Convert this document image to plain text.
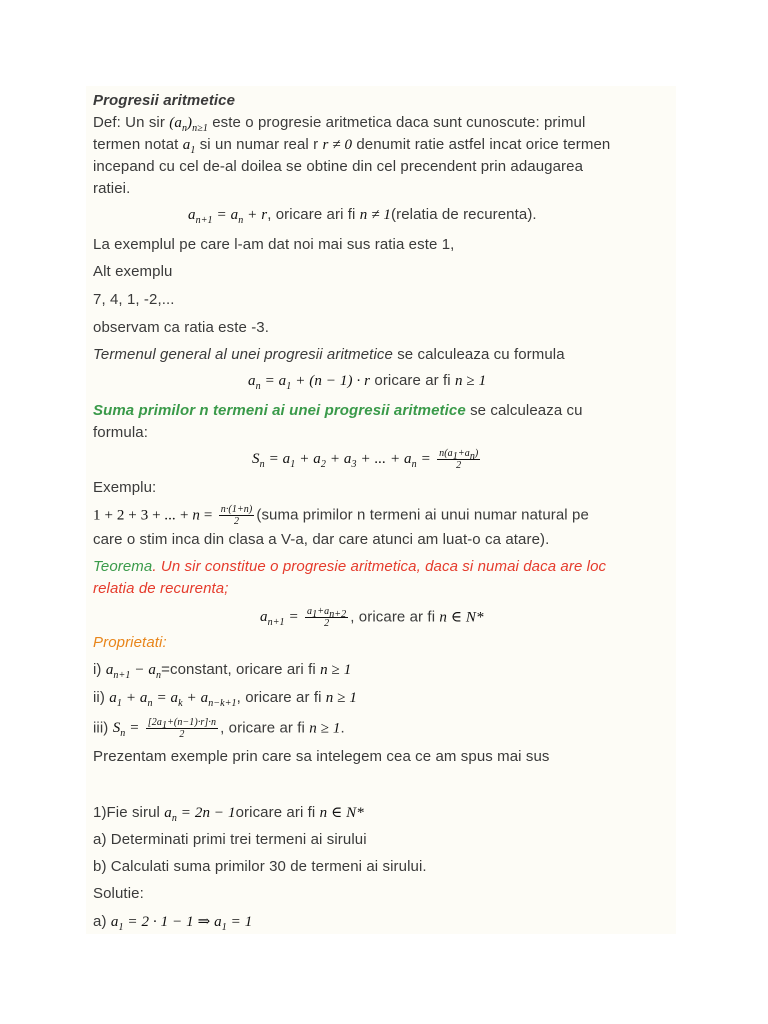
Progresii aritmetice
Def: Un sir $(a_n)_{n\ge 1}$ este o progresie aritmetica daca sunt cunoscute: primul
termen notat $a_1$ si un numar real r r ≠ 0 denumit ratie astfel incat orice termen
incepand cu cel de-al doilea se obtine din cel precendent prin adaugarea
ratiei.
$a_{n+1} = a_n + r$, oricare ari fi n ≠ 1(relatia de recurenta).
La exemplul pe care l-am dat noi mai sus ratia este 1,
Alt exemplu
7, 4, 1, -2,...
observam ca ratia este -3.
Termenul general al unei progresii aritmetice se calculeaza cu formula
$a_n = a_1 + (n - 1) \cdot r$ oricare ar fi n ≥ 1
Suma primilor n termeni ai unei progresii aritmetice se calculeaza cu
formula:
$S_n = a_1 + a_2 + a_3$ + ... + $a_n = \frac{n(a_1+a_n)}{2}$
Exemplu:
1 + 2 + 3 + ... + $n = \frac{n\cdot(1+n)}{2}$ (suma primilor n termeni ai unui numar natural pe
care o stim inca din clasa a V-a, dar care atunci am luat-o ca atare).
Teorema. Un sir constitue o progresie aritmetica, daca si numai daca are loc
relatia de recurenta;
$a_{n+1} = \frac{a_1+a_{n+2}}{2}$ , oricare ar fi n ∈ N*
Proprietati:
i) $a_{n+1}$ − $a_n=constant$, oricare ari fi n ≥ 1
ii) $a_1 + a_n = a_k + a_{n-k+1}$, oricare ar fi n ≥ 1
iii) $S_n = \frac{[2a_1+(n-1)\cdot r]\cdot n}{2}$ , oricare ar fi n ≥ 1.
Prezentam exemple prin care sa intelegem cea ce am spus mai sus
1)Fie sirul $a_n = 2n$ − 1oricare ari fi n ∈ N*
a) Determinati primi trei termeni ai sirului
b) Calculati suma primilor 30 de termeni ai sirului.
Solutie:
a) $a_1 = 2 \cdot 1 - 1$ ⇒ $a_1 = 1$
